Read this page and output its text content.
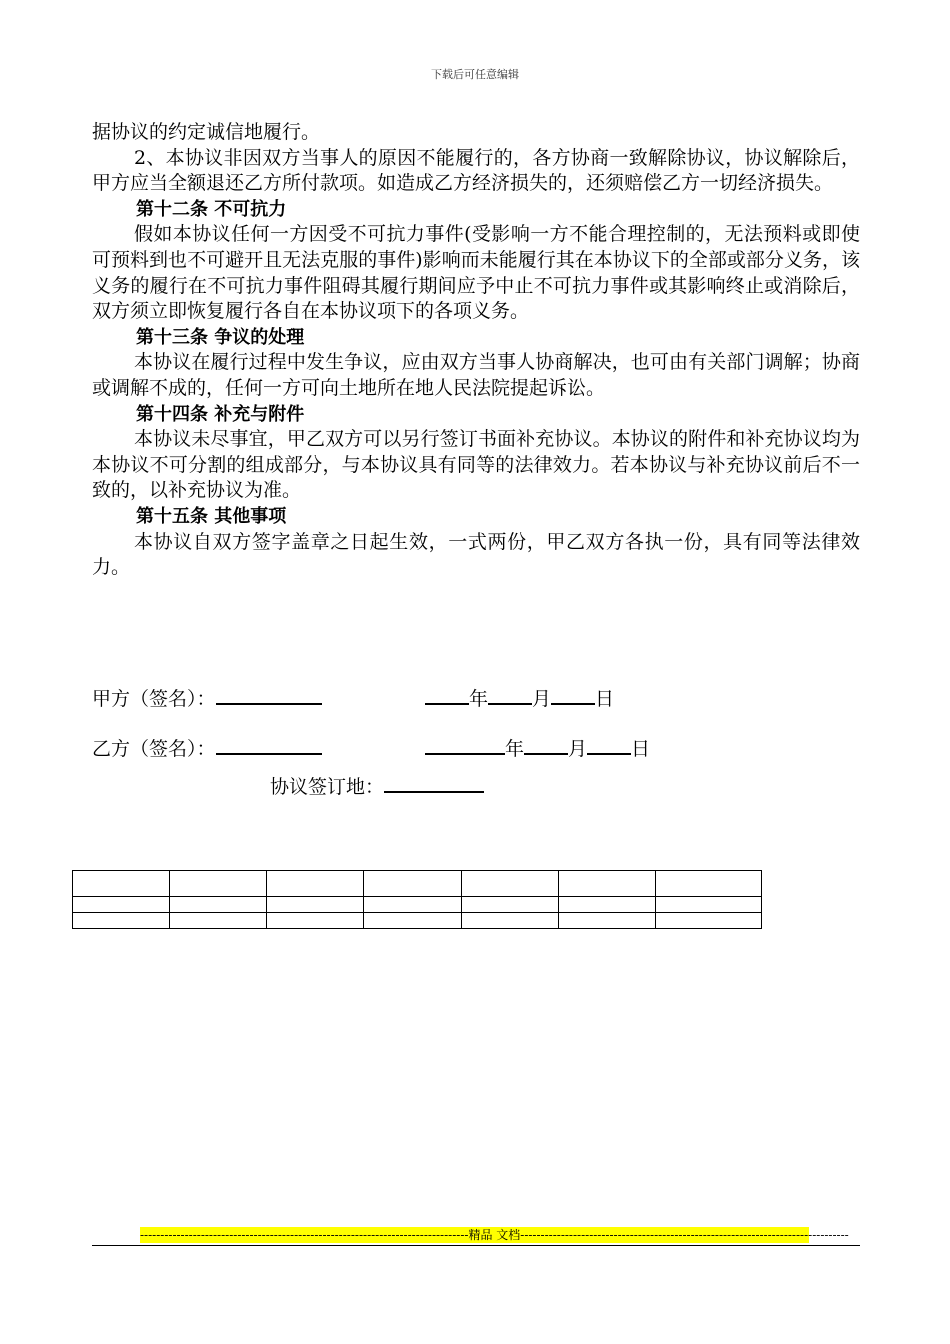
下载后可任意编辑

据协议的约定诚信地履行。

2、本协议非因双方当事人的原因不能履行的，各方协商一致解除协议，协议解除后，甲方应当全额退还乙方所付款项。如造成乙方经济损失的，还须赔偿乙方一切经济损失。

第十二条 不可抗力

假如本协议任何一方因受不可抗力事件(受影响一方不能合理控制的，无法预料或即使可预料到也不可避开且无法克服的事件)影响而未能履行其在本协议下的全部或部分义务，该义务的履行在不可抗力事件阻碍其履行期间应予中止不可抗力事件或其影响终止或消除后，双方须立即恢复履行各自在本协议项下的各项义务。

第十三条 争议的处理

本协议在履行过程中发生争议，应由双方当事人协商解决，也可由有关部门调解；协商或调解不成的，任何一方可向土地所在地人民法院提起诉讼。

第十四条 补充与附件

本协议未尽事宜，甲乙双方可以另行签订书面补充协议。本协议的附件和补充协议均为本协议不可分割的组成部分，与本协议具有同等的法律效力。若本协议与补充协议前后不一致的，以补充协议为准。

第十五条 其他事项

本协议自双方签字盖章之日起生效，一式两份，甲乙双方各执一份，具有同等法律效力。

甲方（签名）：	年 月 日
乙方（签名）：	年 月 日
协议签订地：

---------------------------------------------------------------------------------精品 文档---------------------------------------------------------------------------------
